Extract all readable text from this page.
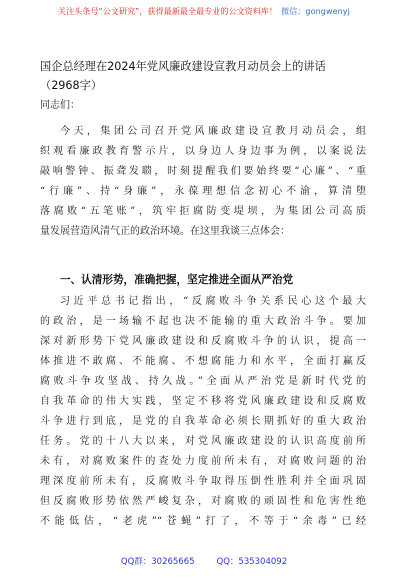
关注头条号“公文研究”，获得最新最全最专业的公文资料库！ 微信：gongwenyj
国企总经理在2024年党风廉政建设宣教月动员会上的讲话
（2968字）
同志们：
今天，集团公司召开党风廉政建设宣教月动员会，组
织观看廉政教育警示片，以身边人身边事为例，以案说法
敲响警钟、振聋发聩，时刻提醒我们要始终要“心廉”、“重
“行廉”、持“身廉”，永葆理想信念初心不渝，算清堕
落腐败“五笔账”，筑牢拒腐防变堤坝，为集团公司高质
量发展营造风清气正的政治环境。在这里我谈三点体会：
一、认清形势，准确把握，坚定推进全面从严治党
习近平总书记指出，“反腐败斗争关系民心这个最大
的政治，是一场输不起也决不能输的重大政治斗争。要加
深对新形势下党风廉政建设和反腐败斗争的认识，提高一
体推进不敢腐、不能腐、不想腐能力和水平，全面打赢反
腐败斗争攻坚战、持久战。”全面从严治党是新时代党的
自我革命的伟大实践，坚定不移将党风廉政建设和反腐败
斗争进行到底，是党的自我革命必须长期抓好的重大政治
任务。党的十八大以来，对党风廉政建设的认识高度前所
未有，对腐败案件的查处力度前所未有，对腐败问题的治
理深度前所未有，反腐败斗争取得压倒性胜利并全面巩固
但反腐败形势依然严峻复杂，对腐败的顽固性和危害性绝
不能低估，“老虎”“苍蝇”打了，不等于“余毒”已经
QQ群：30265665	QQ：535304092
